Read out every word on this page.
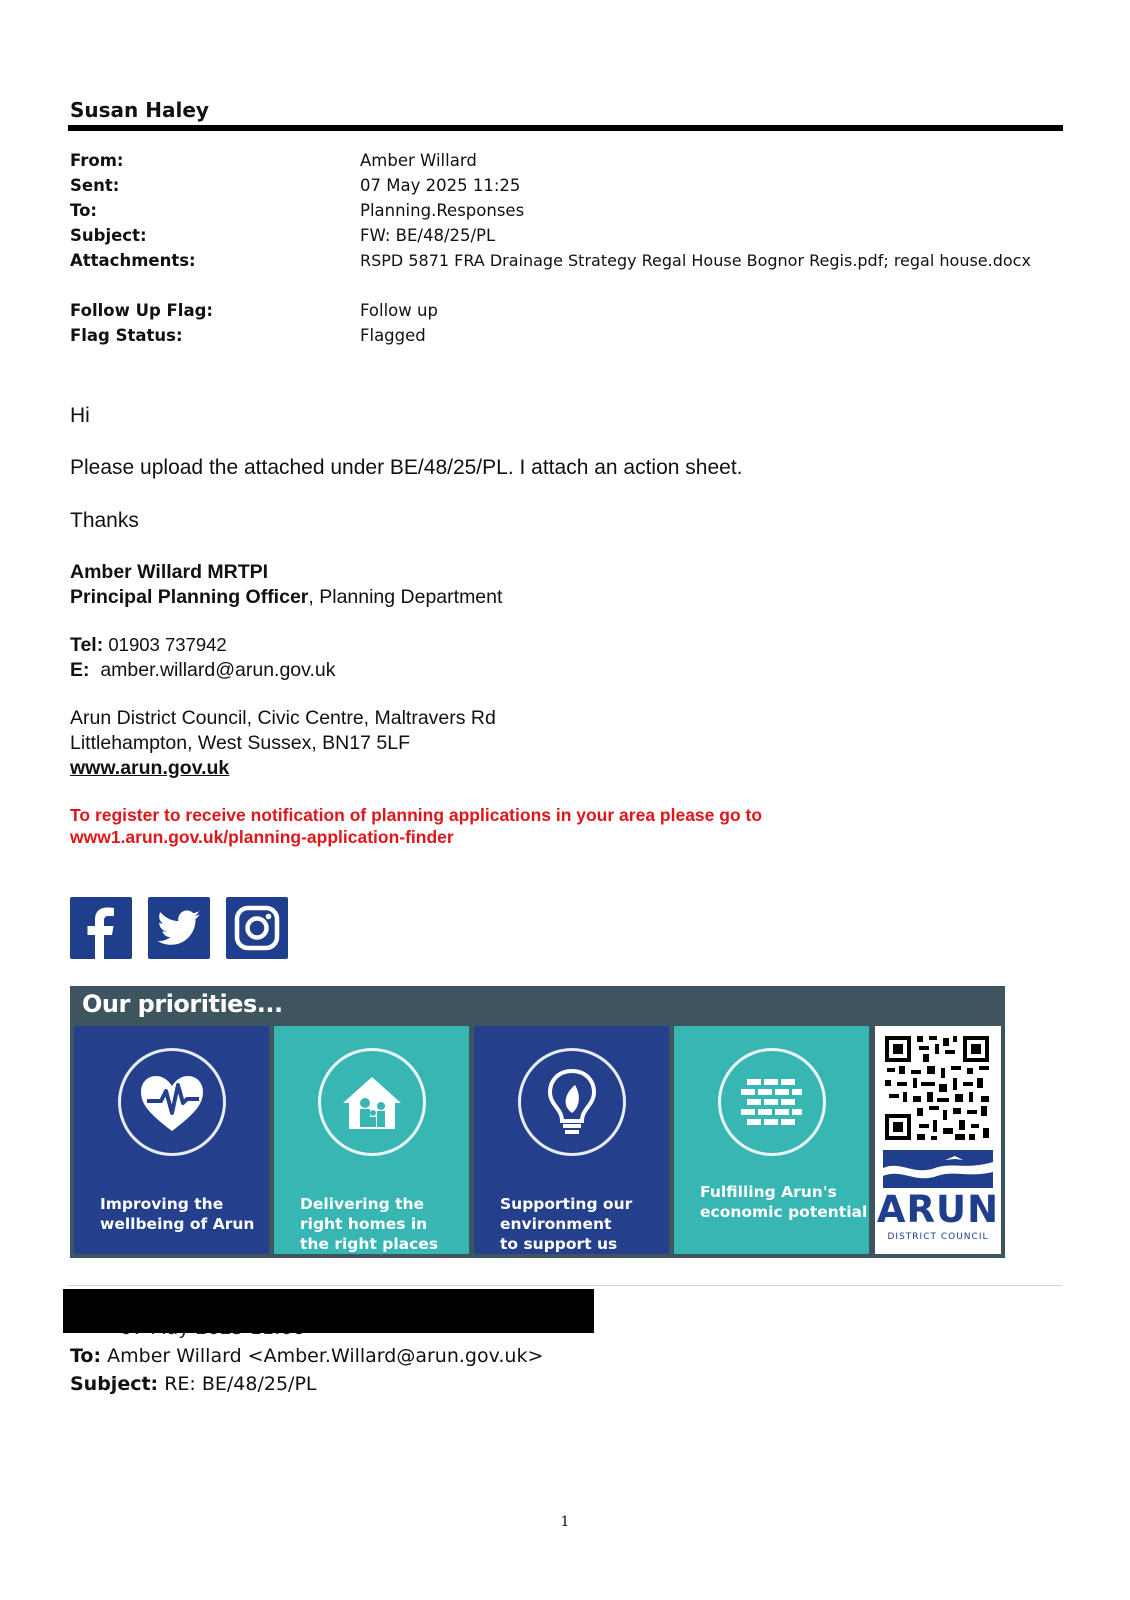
Susan Haley
From:	Amber Willard
Sent:	07 May 2025 11:25
To:	Planning.Responses
Subject:	FW: BE/48/25/PL
Attachments:	RSPD 5871 FRA Drainage Strategy Regal House Bognor Regis.pdf; regal house.docx
Follow Up Flag:	Follow up
Flag Status:	Flagged
Hi
Please upload the attached under BE/48/25/PL. I attach an action sheet.
Thanks
Amber Willard MRTPI
Principal Planning Officer, Planning Department
Tel: 01903 737942
E:  amber.willard@arun.gov.uk
Arun District Council, Civic Centre, Maltravers Rd
Littlehampton, West Sussex, BN17 5LF
www.arun.gov.uk
To register to receive notification of planning applications in your area please go to
www1.arun.gov.uk/planning-application-finder
Our priorities...
Improving the
wellbeing of Arun
Delivering the
right homes in
the right places
Supporting our
environment
to support us
Fulfilling Arun's
economic potential ARUN
DISTRICT COUNCIL
To: Amber Willard <Amber.Willard@arun.gov.uk>
Subject: RE: BE/48/25/PL
1
